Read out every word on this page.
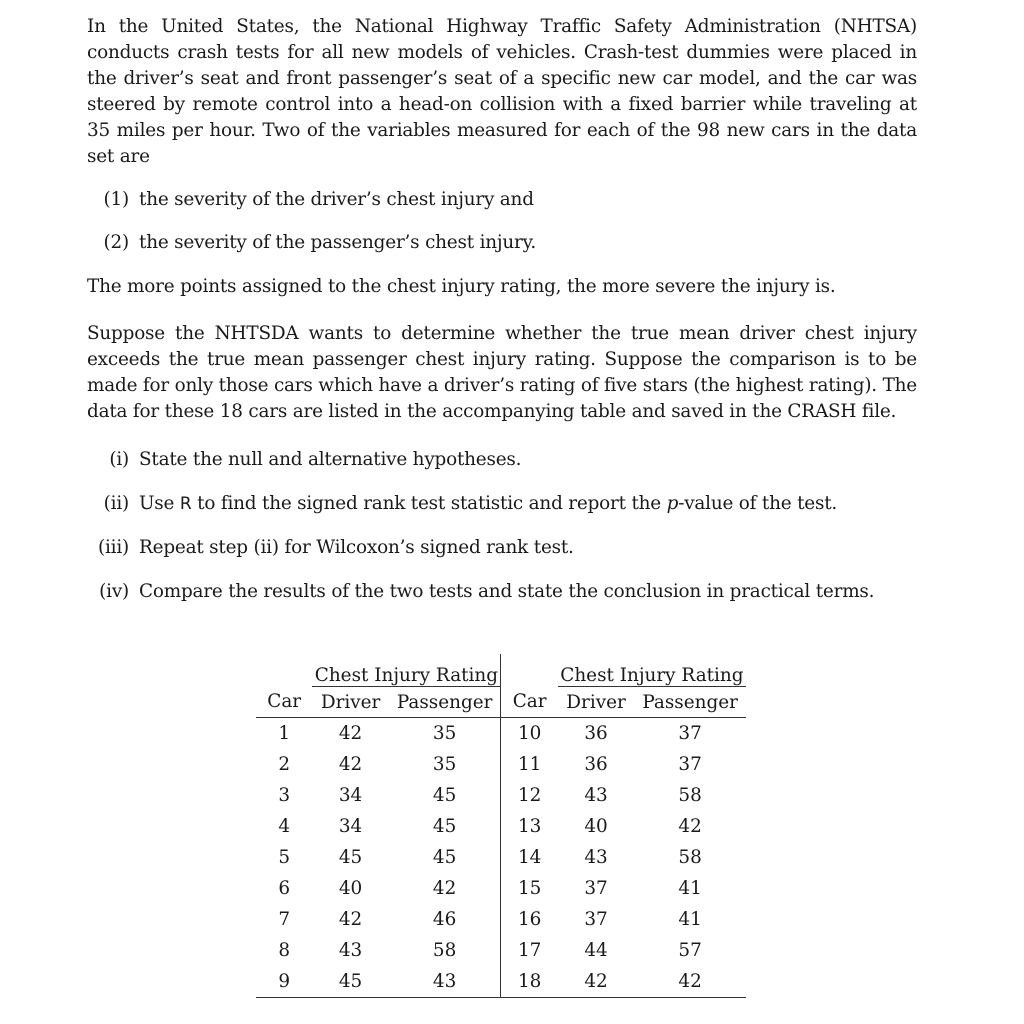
In the United States, the National Highway Traffic Safety Administration (NHTSA) conducts crash tests for all new models of vehicles. Crash-test dummies were placed in the driver’s seat and front passenger’s seat of a specific new car model, and the car was steered by remote control into a head-on collision with a fixed barrier while traveling at 35 miles per hour. Two of the variables measured for each of the 98 new cars in the data set are

(1) the severity of the driver’s chest injury and
(2) the severity of the passenger’s chest injury.

The more points assigned to the chest injury rating, the more severe the injury is.

Suppose the NHTSDA wants to determine whether the true mean driver chest injury exceeds the true mean passenger chest injury rating. Suppose the comparison is to be made for only those cars which have a driver’s rating of five stars (the highest rating). The data for these 18 cars are listed in the accompanying table and saved in the CRASH file.

(i) State the null and alternative hypotheses.
(ii) Use R to find the signed rank test statistic and report the p-value of the test.
(iii) Repeat step (ii) for Wilcoxon’s signed rank test.
(iv) Compare the results of the two tests and state the conclusion in practical terms.
	Chest Injury Rating			Chest Injury Rating	
Car	Driver	Passenger	Car	Driver	Passenger
1	42	35	10	36	37
2	42	35	11	36	37
3	34	45	12	43	58
4	34	45	13	40	42
5	45	45	14	43	58
6	40	42	15	37	41
7	42	46	16	37	41
8	43	58	17	44	57
9	45	43	18	42	42
